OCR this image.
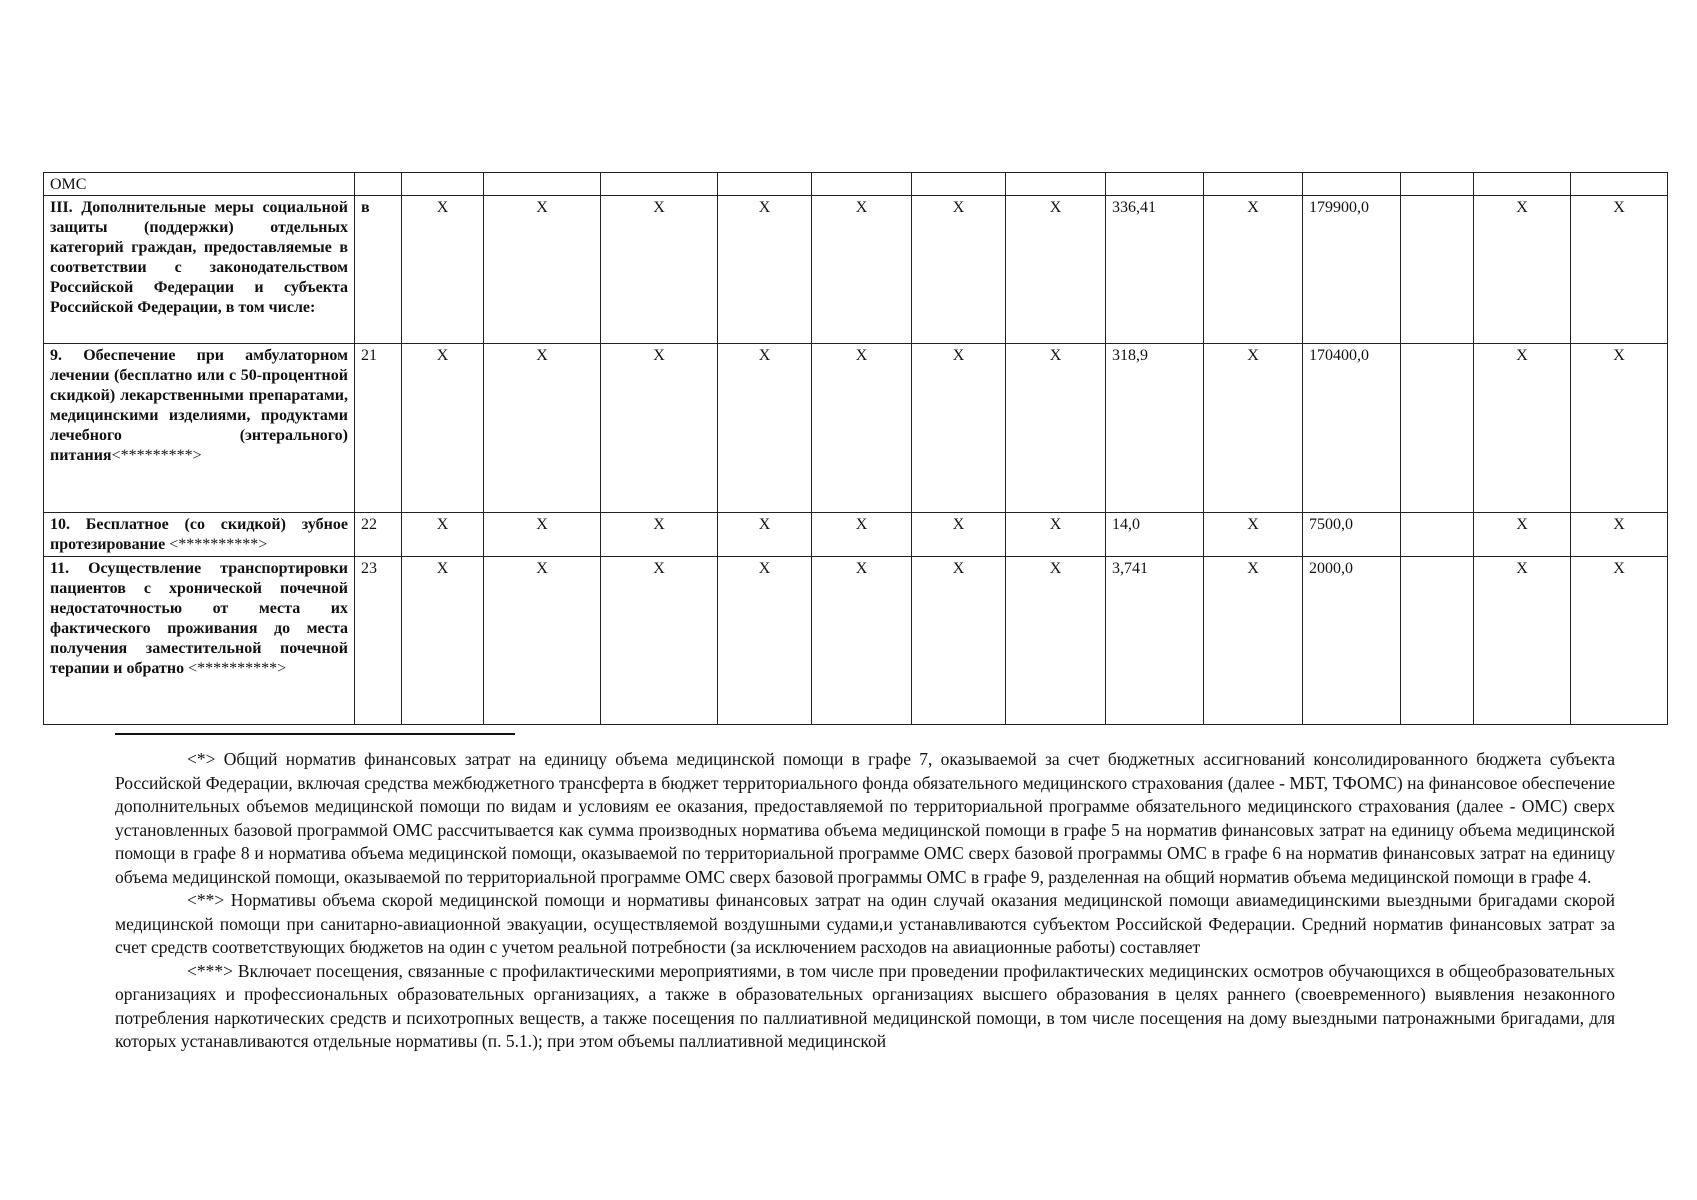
ОМС														
III. Дополнительные меры социальной защиты (поддержки) отдельных категорий граждан, предоставляемые в соответствии с законодательством Российской Федерации и субъекта Российской Федерации, в том числе:	в	X	X	X	X	X	X	X	336,41	X	179900,0		X	X
9. Обеспечение при амбулаторном лечении (бесплатно или с 50-процентной скидкой) лекарственными препаратами, медицинскими изделиями, продуктами лечебного (энтерального) питания<*********>	21	X	X	X	X	X	X	X	318,9	X	170400,0		X	X
10. Бесплатное (со скидкой) зубное протезирование <**********>	22	X	X	X	X	X	X	X	14,0	X	7500,0		X	X
11. Осуществление транспортировки пациентов с хронической почечной недостаточностью от места их фактического проживания до места получения заместительной почечной терапии и обратно <**********>	23	X	X	X	X	X	X	X	3,741	X	2000,0		X	X

<*> Общий норматив финансовых затрат на единицу объема медицинской помощи в графе 7, оказываемой за счет бюджетных ассигнований консолидированного бюджета субъекта Российской Федерации, включая средства межбюджетного трансферта в бюджет территориального фонда обязательного медицинского страхования (далее - МБТ, ТФОМС) на финансовое обеспечение дополнительных объемов медицинской помощи по видам и условиям ее оказания, предоставляемой по территориальной программе обязательного медицинского страхования (далее - ОМС) сверх установленных базовой программой ОМС рассчитывается как сумма производных норматива объема медицинской помощи в графе 5 на норматив финансовых затрат на единицу объема медицинской помощи в графе 8 и норматива объема медицинской помощи, оказываемой по территориальной программе ОМС сверх базовой программы ОМС в графе 6 на норматив финансовых затрат на единицу объема медицинской помощи, оказываемой по территориальной программе ОМС сверх базовой программы ОМС в графе 9, разделенная на общий норматив объема медицинской помощи в графе 4.

<**> Нормативы объема скорой медицинской помощи и нормативы финансовых затрат на один случай оказания медицинской помощи авиамедицинскими выездными бригадами скорой медицинской помощи при санитарно-авиационной эвакуации, осуществляемой воздушными судами,и устанавливаются субъектом Российской Федерации. Средний норматив финансовых затрат за счет средств соответствующих бюджетов на один с учетом реальной потребности (за исключением расходов на авиационные работы) составляет

<***> Включает посещения, связанные с профилактическими мероприятиями, в том числе при проведении профилактических медицинских осмотров обучающихся в общеобразовательных организациях и профессиональных образовательных организациях, а также в образовательных организациях высшего образования в целях раннего (своевременного) выявления незаконного потребления наркотических средств и психотропных веществ, а также посещения по паллиативной медицинской помощи, в том числе посещения на дому выездными патронажными бригадами, для которых устанавливаются отдельные нормативы (п. 5.1.); при этом объемы паллиативной медицинской
